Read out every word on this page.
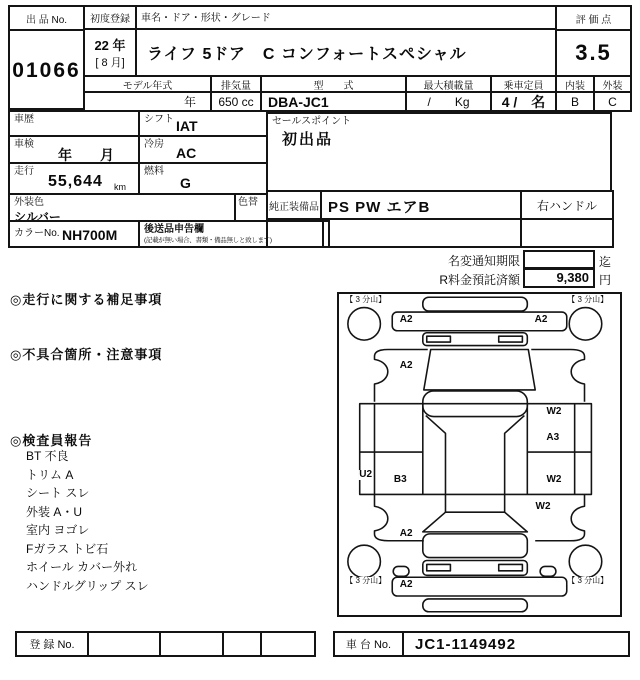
出 品 No.
01066
初度登録
22 年
[ 8 月]
車名・ドア・形状・グレード
ライフ 5ドア　C コンフォートスペシャル
モデル年式	排気量	型　　式	最大積載量	乗車定員
年	650 cc	DBA-JC1	/　　Kg	4 /　名
評 価 点
3.5
内装	外装
B	C
車歴	シフト IAT
車検
年　　月
冷房
AC
走行
55,644 km
燃料
G
外装色
シルバー
色替
カラーNo. NH700M	後送品申告欄
(記載が無い場合、書類・備品無しと致します)
セールスポイント
初出品
純正装備品 PS PW エアB	右ハンドル
名変通知期限	迄
R料金預託済額	9,380 円
◎走行に関する補足事項
◎不具合箇所・注意事項
◎検査員報告
BT 不良
トリム A
シート スレ
外装 A・U
室内 ヨゴレ
Fガラス トビ石
ホイール カバー外れ
ハンドルグリップ スレ
A2	A2
A2
W2
A3
U2 B3	W2
W2
A2
A2
【 3 分山】	【 3 分山】
【 3 分山】	【 3 分山】
登 録 No.	車 台 No.	JC1-1149492
